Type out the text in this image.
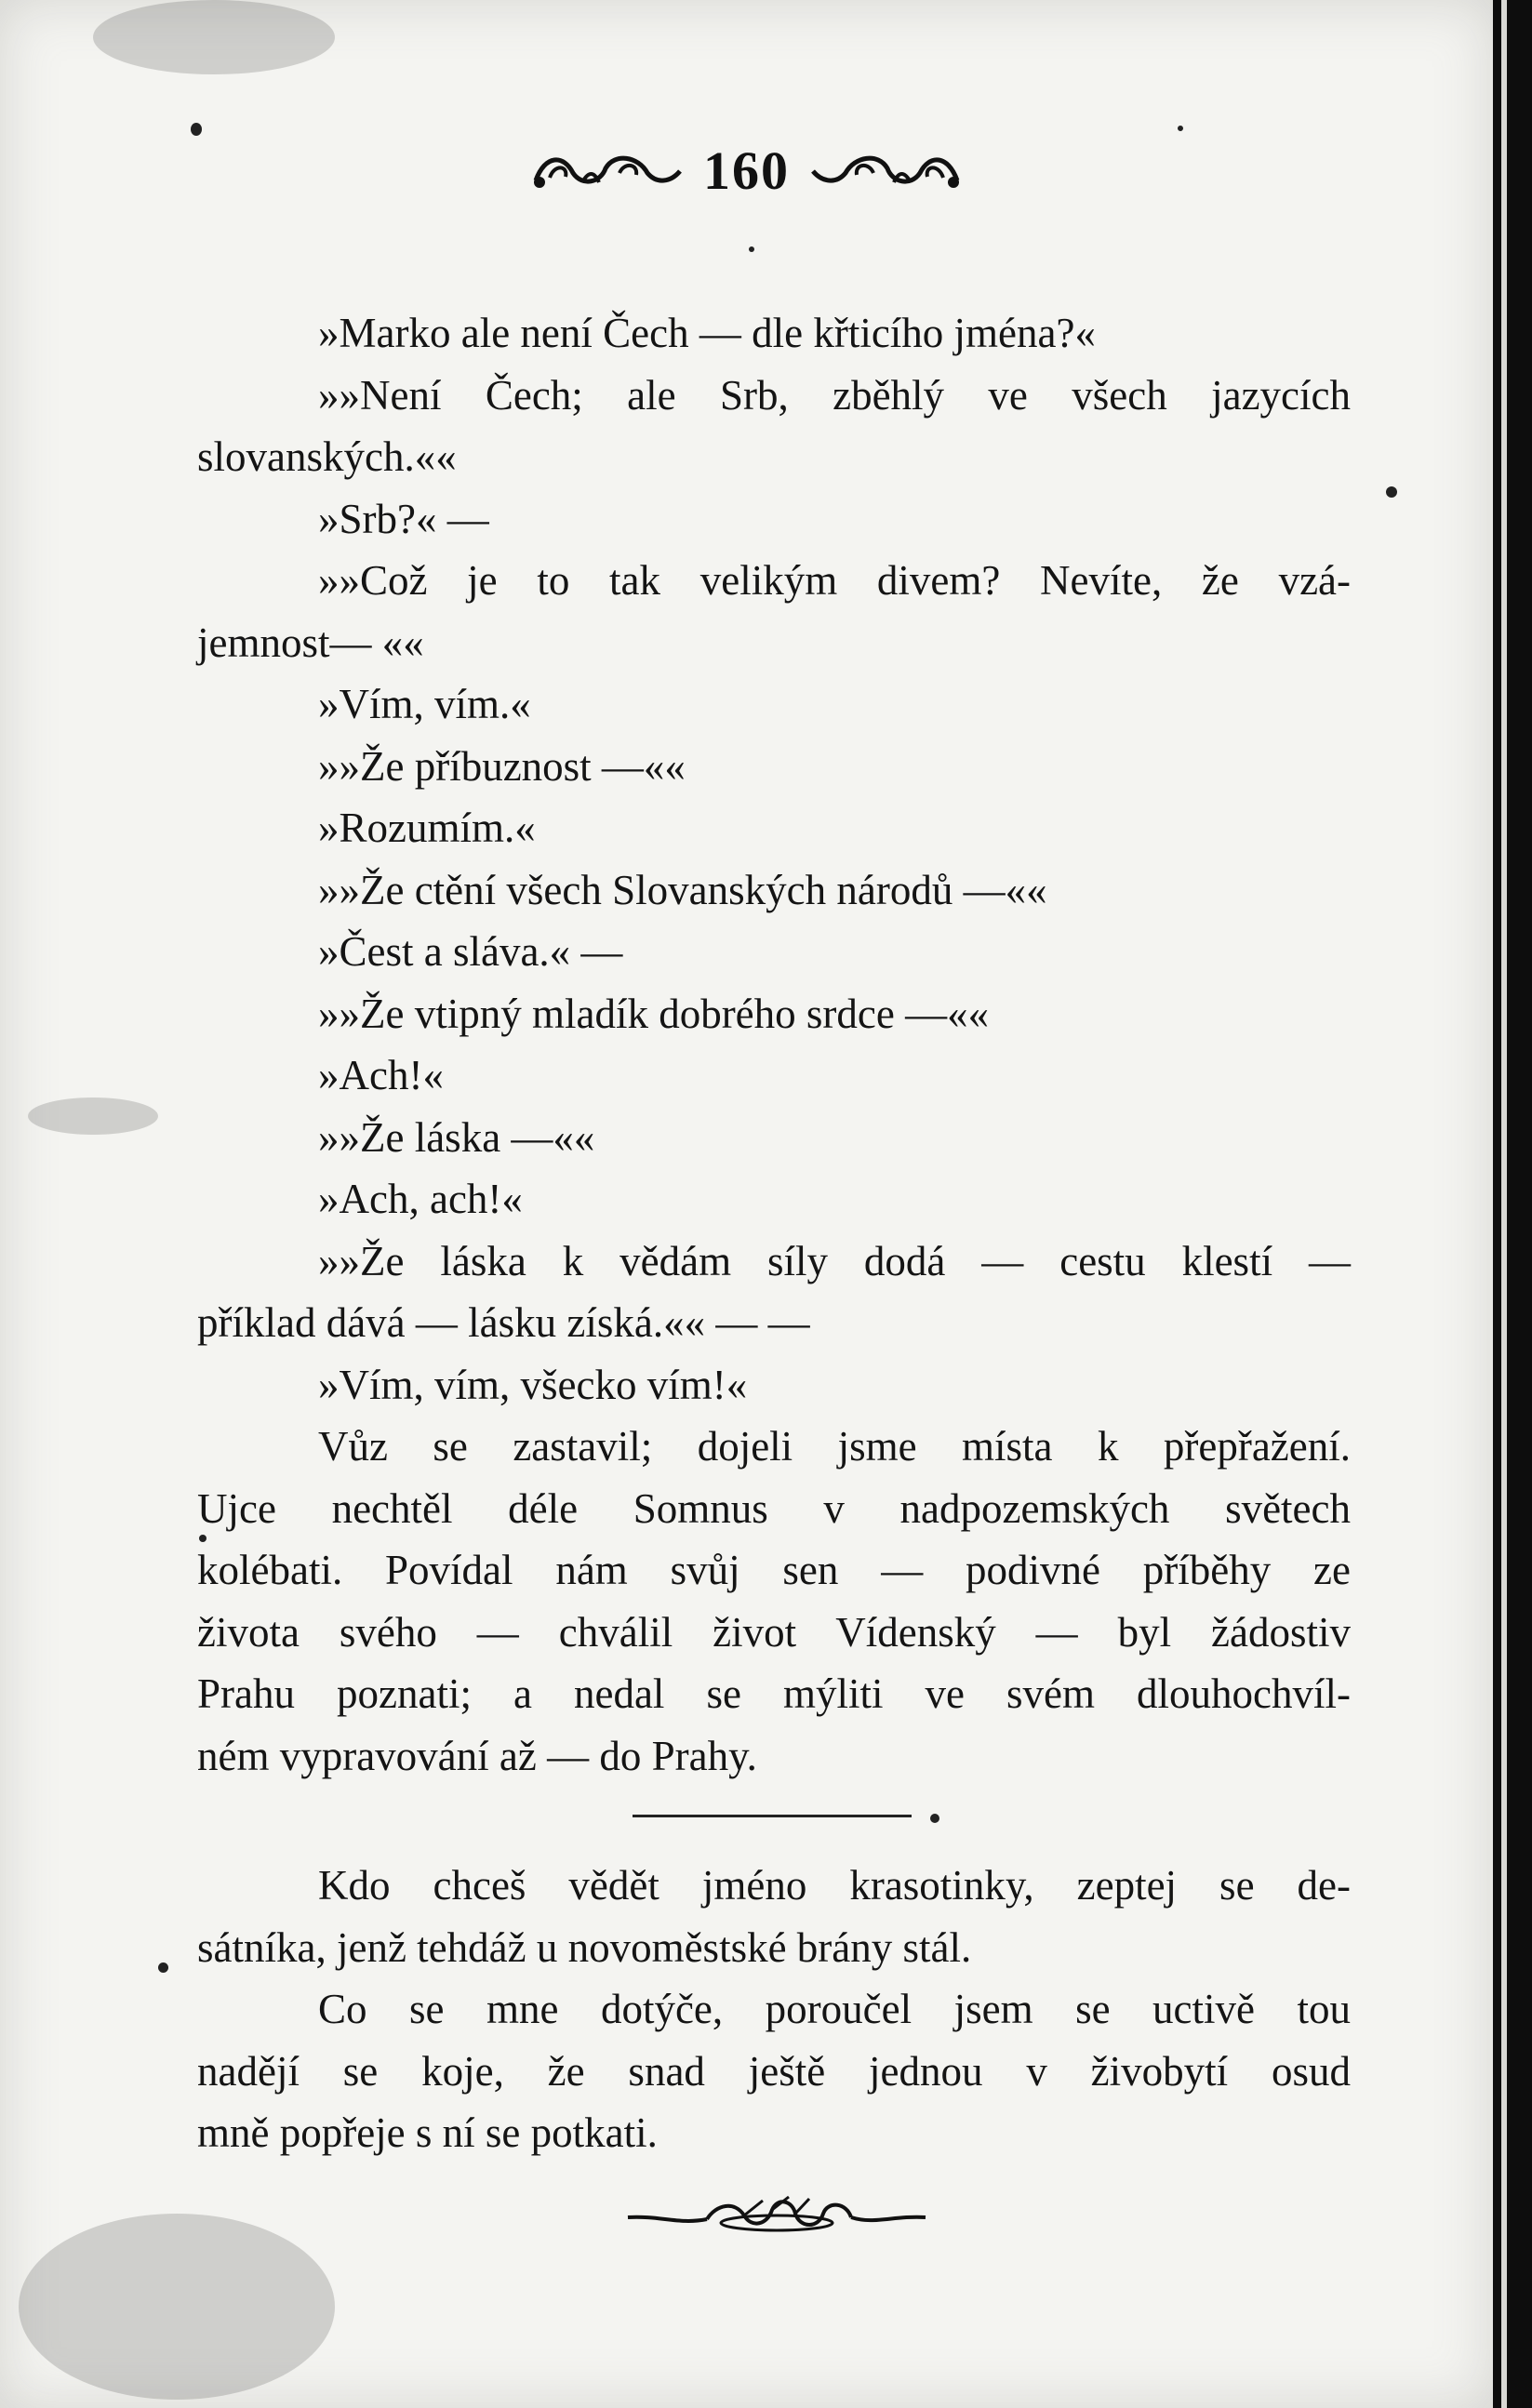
160
»Marko ale není Čech — dle křticího jména?«
»»Není Čech; ale Srb, zběhlý ve všech jazycích
slovanských.««
»Srb?« —
»»Což je to tak velikým divem? Nevíte, že vzá-
jemnost— ««
»Vím, vím.«
»»Že příbuznost —««
»Rozumím.«
»»Že ctění všech Slovanských národů —««
»Čest a sláva.« —
»»Že vtipný mladík dobrého srdce —««
»Ach!«
»»Že láska —««
»Ach, ach!«
»»Že láska k vědám síly dodá — cestu klestí —
příklad dává — lásku získá.«« — —
»Vím, vím, všecko vím!«
Vůz se zastavil; dojeli jsme místa k přepřažení.
Ujce nechtěl déle Somnus v nadpozemských světech
kolébati. Povídal nám svůj sen — podivné příběhy ze
života svého — chválil život Vídenský — byl žádostiv
Prahu poznati; a nedal se mýliti ve svém dlouhochvíl-
ném vypravování až — do Prahy.
Kdo chceš vědět jméno krasotinky, zeptej se de-
sátníka, jenž tehdáž u novoměstské brány stál.
Co se mne dotýče, poroučel jsem se uctivě tou
nadějí se koje, že snad ještě jednou v živobytí osud
mně popřeje s ní se potkati.
